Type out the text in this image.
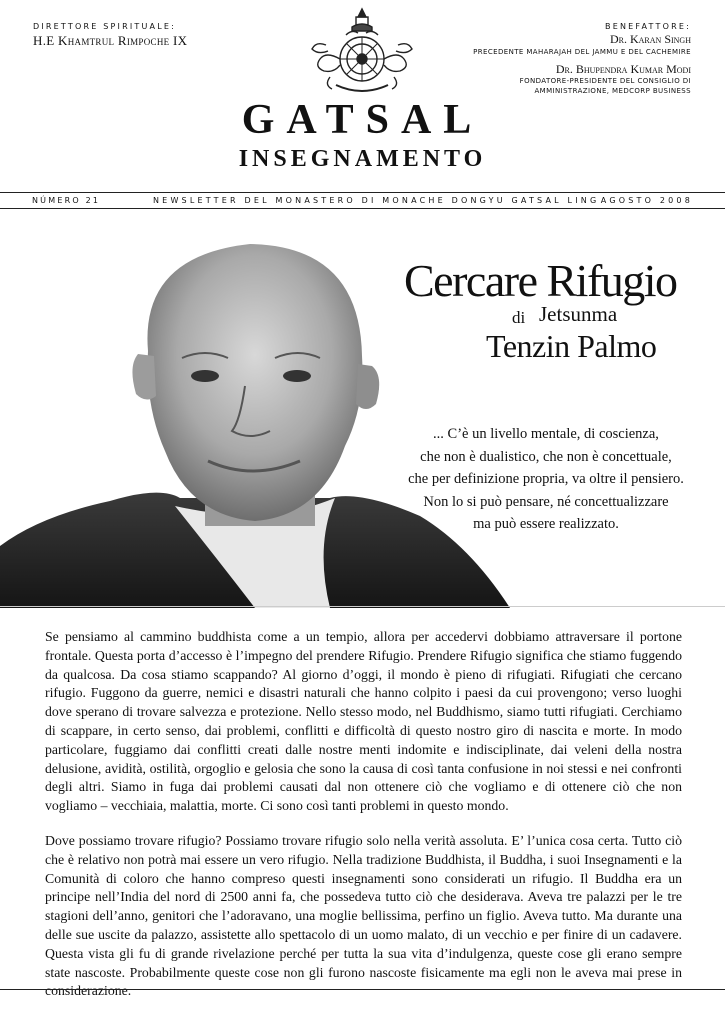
DIRETTORE SPIRITUALE:
H.E Khamtrul Rimpoche IX
BENEFATTORE:
Dr. Karan Singh
PRECEDENTE MAHARAJAH DEL JAMMU E DEL CACHEMIRE
Dr. Bhupendra Kumar Modi
FONDATORE-PRESIDENTE DEL CONSIGLIO DI AMMINISTRAZIONE, MEDCORP BUSINESS
GATSAL
INSEGNAMENTO
NÚMERO 21	NEWSLETTER DEL MONASTERO DI MONACHE DONGYU GATSAL LING AGOSTO 2008
Cercare Rifugio
di Jetsunma
Tenzin Palmo
... C’è un livello mentale, di coscienza,
che non è dualistico, che non è concettuale,
che per definizione propria, va oltre il pensiero.
Non lo si può pensare, né concettualizzare
ma può essere realizzato.

Se pensiamo al cammino buddhista come a un tempio, allora per accedervi dobbiamo attraversare il portone frontale. Questa porta d’accesso è l’impegno del prendere Rifugio. Prendere Rifugio significa che stiamo fuggendo da qualcosa. Da cosa stiamo scappando? Al giorno d’oggi, il mondo è pieno di rifugiati. Rifugiati che cercano rifugio. Fuggono da guerre, nemici e disastri naturali che hanno colpito i paesi da cui provengono; verso luoghi dove sperano di trovare salvezza e protezione. Nello stesso modo, nel Buddhismo, siamo tutti rifugiati. Cerchiamo di scappare, in certo senso, dai problemi, conflitti e difficoltà di questo nostro giro di nascita e morte. In modo particolare, fuggiamo dai conflitti creati dalle nostre menti indomite e indisciplinate, dai veleni della nostra delusione, avidità, ostilità, orgoglio e gelosia che sono la causa di così tanta confusione in noi stessi e nei confronti degli altri. Siamo in fuga dai problemi causati dal non ottenere ciò che vogliamo e di ottenere ciò che non vogliamo – vecchiaia, malattia, morte. Ci sono così tanti problemi in questo mondo.

Dove possiamo trovare rifugio? Possiamo trovare rifugio solo nella verità assoluta. E’ l’unica cosa certa. Tutto ciò che è relativo non potrà mai essere un vero rifugio. Nella tradizione Buddhista, il Buddha, i suoi Insegnamenti e la Comunità di coloro che hanno compreso questi insegnamenti sono considerati un rifugio. Il Buddha era un principe nell’India del nord di 2500 anni fa, che possedeva tutto ciò che desiderava. Aveva tre palazzi per le tre stagioni dell’anno, genitori che l’adoravano, una moglie bellissima, perfino un figlio. Aveva tutto. Ma durante una delle sue uscite da palazzo, assistette allo spettacolo di un uomo malato, di un vecchio e per finire di un cadavere. Questa vista gli fu di grande rivelazione perché per tutta la sua vita d’indulgenza, queste cose gli erano sempre state nascoste. Probabilmente queste cose non gli furono nascoste fisicamente ma egli non le aveva mai prese in considerazione.
